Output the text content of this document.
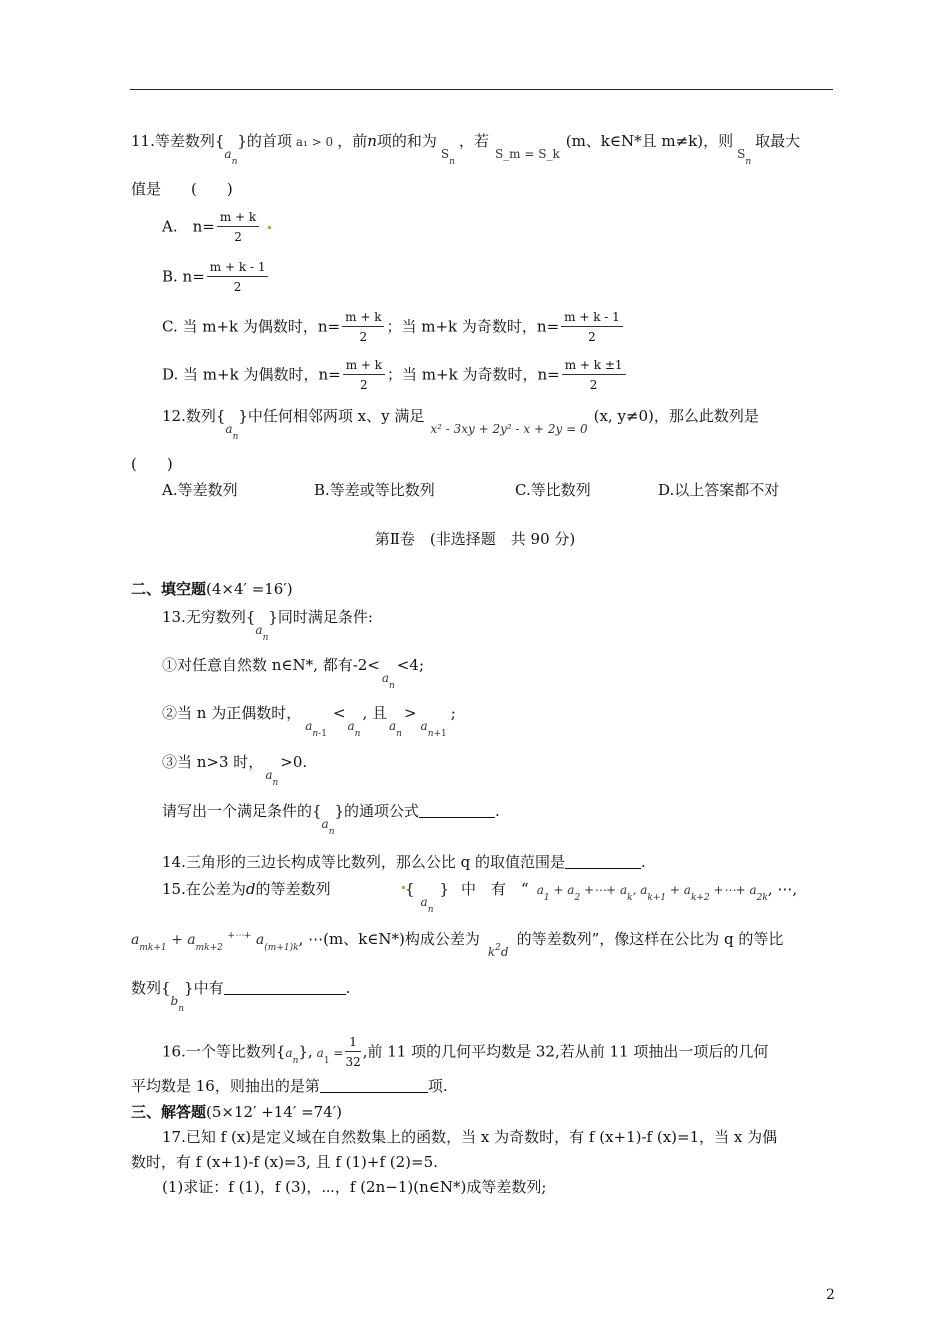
11.等差数列$\{a_n\}$的首项 a₁ > 0 ，前n项的和为$S_n$，若S_m = S_k(m、k∈N*且 m≠k)，则$S_n$取最大
值是　　(　　)
A.　$n= \frac{m + k}{2}$
B. $n= \frac{m + k - 1}{2}$
C. 当 m+k 为偶数时，$n= \frac{m + k}{2}$ ；当 m+k 为奇数时，$n= \frac{m + k - 1}{2}$
D. 当 m+k 为偶数时，$n= \frac{m + k}{2}$ ；当 m+k 为奇数时，$n= \frac{m + k \pm 1}{2}$
12.数列$\{a_n\}$中任何相邻两项 x、y 满足x² - 3xy + 2y² - x + 2y = 0(x, y≠0)，那么此数列是
(　　)
A.等差数列	B.等差或等比数列	C.等比数列	D.以上答案都不对
第Ⅱ卷　(非选择题　共 90 分)
二、填空题(4×4′ =16′)
13.无穷数列$\{a_n\}$同时满足条件:
①对任意自然数 n∈N*, 都有$-2<a_n<4$;
②当 n 为正偶数时，$a_{n-1}<a_n$, 且$a_n>a_{n+1}$;
③当 n>3 时，$a_n>0$.
请写出一个满足条件的$\{a_n\}$的通项公式	.
14.三角形的三边长构成等比数列，那么公比 q 的取值范围是	.
15.在公差为d的等差数列	$\{a_n\}$ 中　有　“ $a_1 + a_2$ +⋯+ $a_k$, $a_{k+1} + a_{k+2}$ +⋯+ $a_{2k}$, ⋯,
$a_{mk+1} + a_{mk+2}$ +⋯+ $a_{(m+1)k}$, ⋯(m、k∈N*)构成公差为$k^2d$的等差数列”，像这样在公比为 q 的等比
数列$\{b_n\}$中有	.
16.一个等比数列$\{a_n\}$, $a_1 = \frac{1}{32}$ ,前 11 项的几何平均数是 32,若从前 11 项抽出一项后的几何
平均数是 16，则抽出的是第	项.
三、解答题(5×12′ +14′ =74′)
17.已知 f (x)是定义域在自然数集上的函数，当 x 为奇数时，有 f (x+1)-f (x)=1，当 x 为偶
数时，有 f (x+1)-f (x)=3, 且 f (1)+f (2)=5.
(1)求证：f (1)，f (3)，⋯，f (2n−1)(n∈N*)成等差数列;
2
